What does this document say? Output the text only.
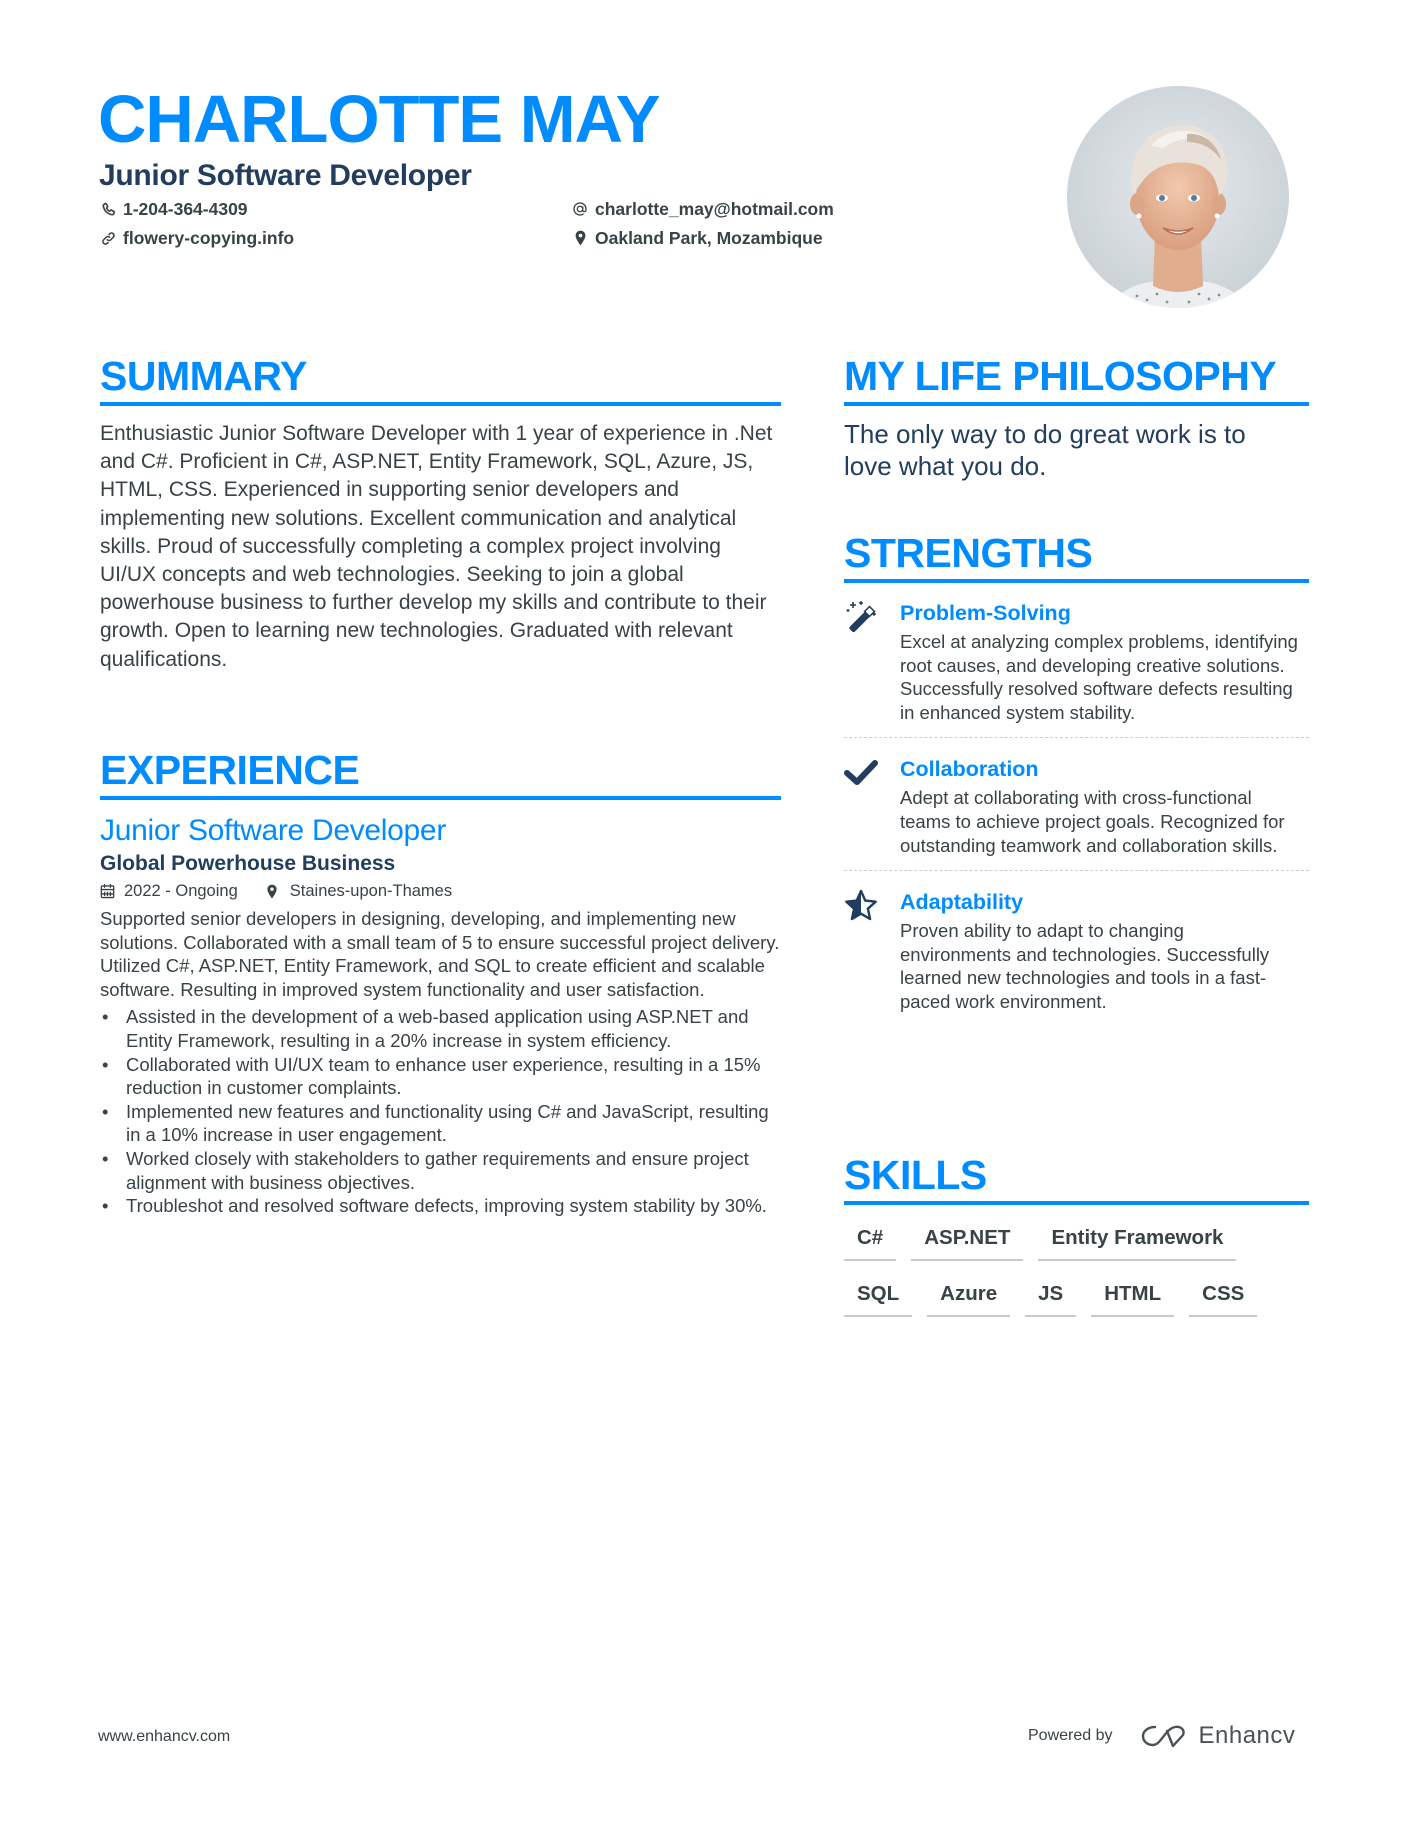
CHARLOTTE MAY
Junior Software Developer
1-204-364-4309
flowery-copying.info
charlotte_may@hotmail.com
Oakland Park, Mozambique
SUMMARY
Enthusiastic Junior Software Developer with 1 year of experience in .Net and C#. Proficient in C#, ASP.NET, Entity Framework, SQL, Azure, JS, HTML, CSS. Experienced in supporting senior developers and implementing new solutions. Excellent communication and analytical skills. Proud of successfully completing a complex project involving UI/UX concepts and web technologies. Seeking to join a global powerhouse business to further develop my skills and contribute to their growth. Open to learning new technologies. Graduated with relevant qualifications.
EXPERIENCE
Junior Software Developer
Global Powerhouse Business
2022 - Ongoing	Staines-upon-Thames
Supported senior developers in designing, developing, and implementing new solutions. Collaborated with a small team of 5 to ensure successful project delivery. Utilized C#, ASP.NET, Entity Framework, and SQL to create efficient and scalable software. Resulting in improved system functionality and user satisfaction.
• Assisted in the development of a web-based application using ASP.NET and Entity Framework, resulting in a 20% increase in system efficiency.
• Collaborated with UI/UX team to enhance user experience, resulting in a 15% reduction in customer complaints.
• Implemented new features and functionality using C# and JavaScript, resulting in a 10% increase in user engagement.
• Worked closely with stakeholders to gather requirements and ensure project alignment with business objectives.
• Troubleshot and resolved software defects, improving system stability by 30%.
MY LIFE PHILOSOPHY
The only way to do great work is to love what you do.
STRENGTHS
Problem-Solving
Excel at analyzing complex problems, identifying root causes, and developing creative solutions. Successfully resolved software defects resulting in enhanced system stability.
Collaboration
Adept at collaborating with cross-functional teams to achieve project goals. Recognized for outstanding teamwork and collaboration skills.
Adaptability
Proven ability to adapt to changing environments and technologies. Successfully learned new technologies and tools in a fast-paced work environment.
SKILLS
C#	ASP.NET	Entity Framework
SQL	Azure	JS	HTML	CSS
www.enhancv.com	Powered by	Enhancv
